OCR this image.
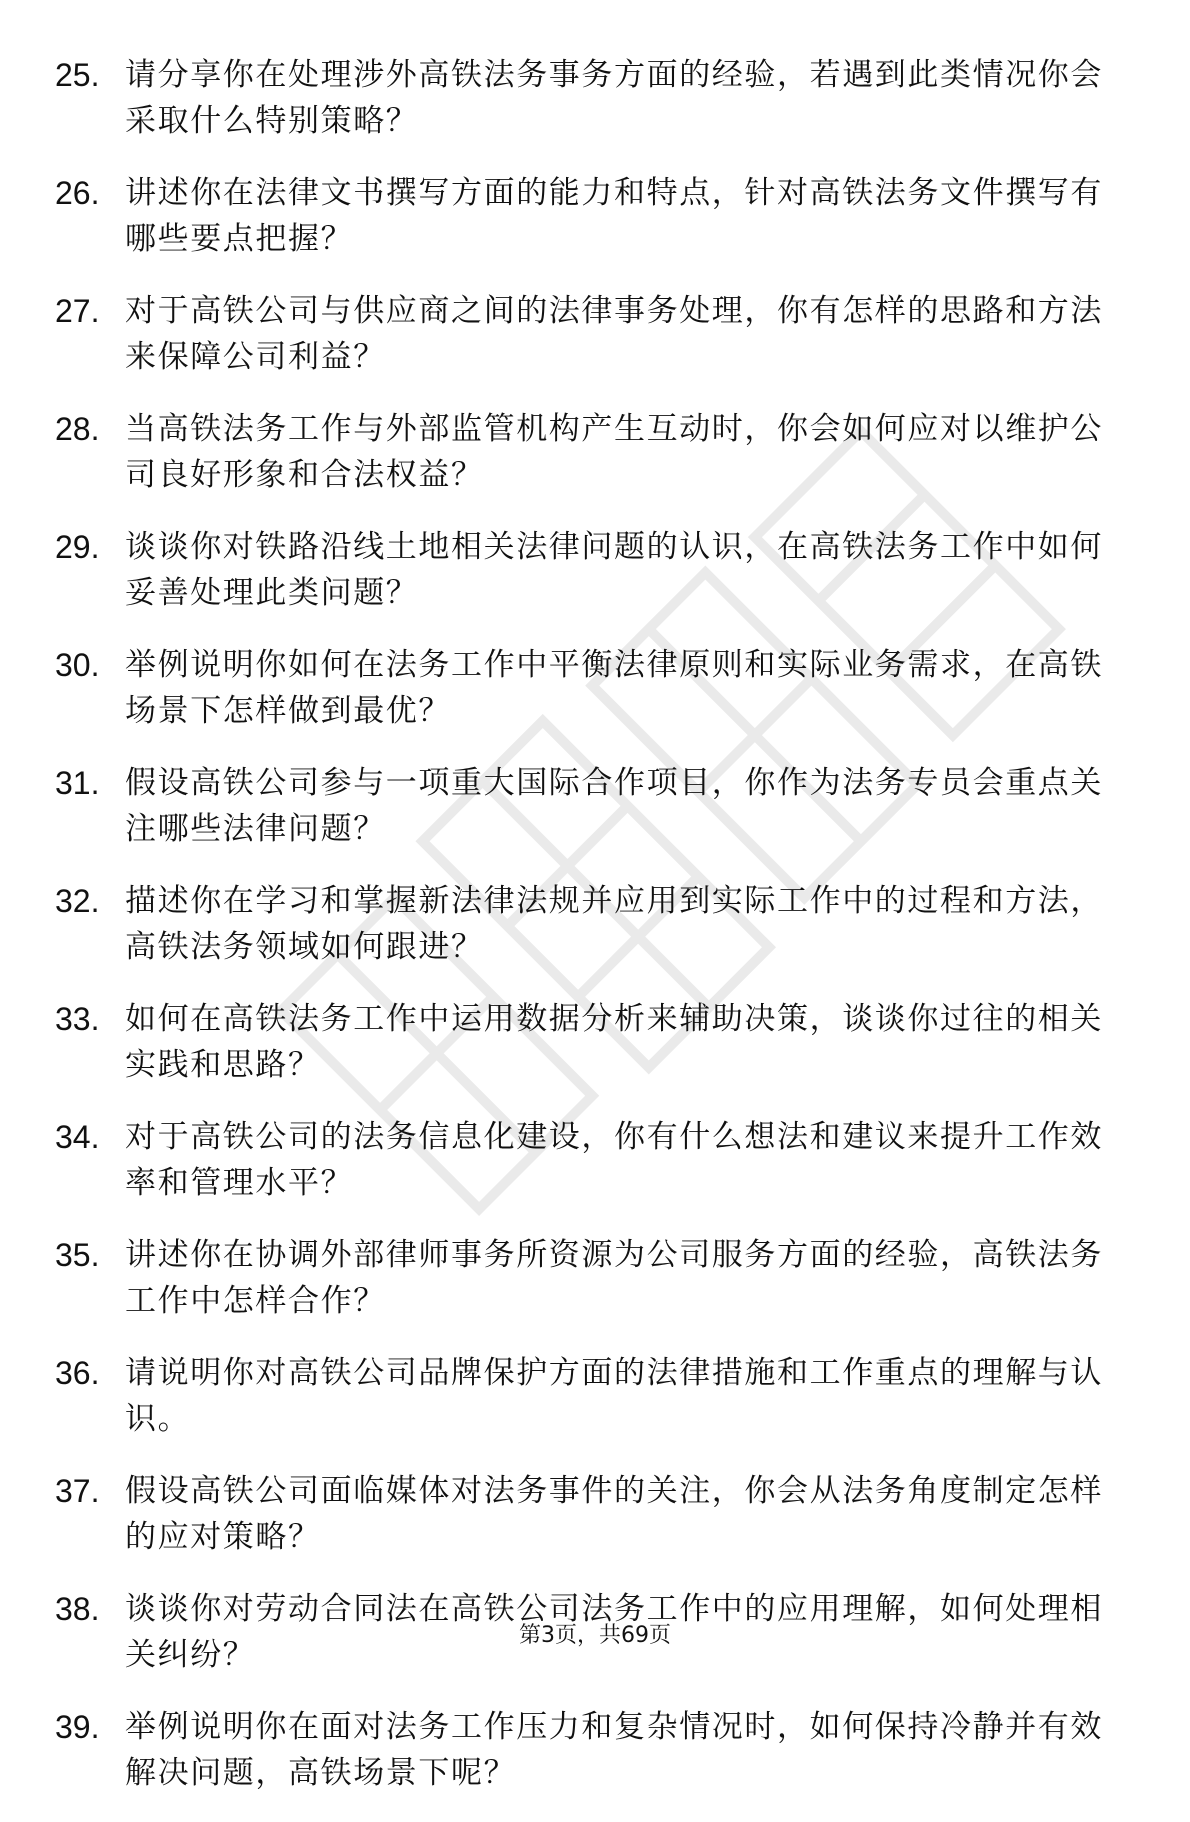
25. 请分享你在处理涉外高铁法务事务方面的经验，若遇到此类情况你会采取什么特别策略？
26. 讲述你在法律文书撰写方面的能力和特点，针对高铁法务文件撰写有哪些要点把握？
27. 对于高铁公司与供应商之间的法律事务处理，你有怎样的思路和方法来保障公司利益？
28. 当高铁法务工作与外部监管机构产生互动时，你会如何应对以维护公司良好形象和合法权益？
29. 谈谈你对铁路沿线土地相关法律问题的认识，在高铁法务工作中如何妥善处理此类问题？
30. 举例说明你如何在法务工作中平衡法律原则和实际业务需求，在高铁场景下怎样做到最优？
31. 假设高铁公司参与一项重大国际合作项目，你作为法务专员会重点关注哪些法律问题？
32. 描述你在学习和掌握新法律法规并应用到实际工作中的过程和方法，高铁法务领域如何跟进？
33. 如何在高铁法务工作中运用数据分析来辅助决策，谈谈你过往的相关实践和思路？
34. 对于高铁公司的法务信息化建设，你有什么想法和建议来提升工作效率和管理水平？
35. 讲述你在协调外部律师事务所资源为公司服务方面的经验，高铁法务工作中怎样合作？
36. 请说明你对高铁公司品牌保护方面的法律措施和工作重点的理解与认识。
37. 假设高铁公司面临媒体对法务事件的关注，你会从法务角度制定怎样的应对策略？
38. 谈谈你对劳动合同法在高铁公司法务工作中的应用理解，如何处理相关纠纷？
39. 举例说明你在面对法务工作压力和复杂情况时，如何保持冷静并有效解决问题，高铁场景下呢？
第3页，共69页
